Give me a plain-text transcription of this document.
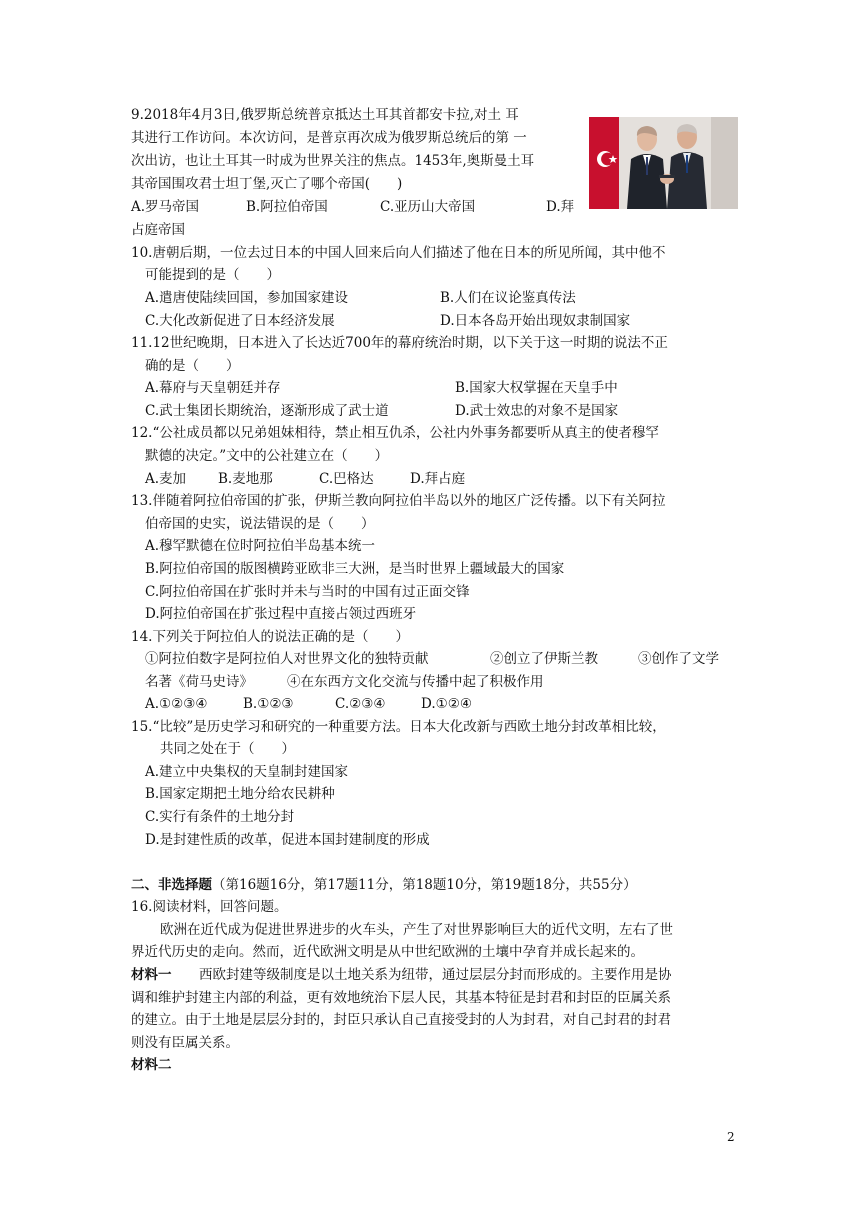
9.2018年4月3日,俄罗斯总统普京抵达土耳其首都安卡拉,对土 耳
其进行工作访问。本次访问，是普京再次成为俄罗斯总统后的第 一
次出访，也让土耳其一时成为世界关注的焦点。1453年,奥斯曼土耳
其帝国围攻君士坦丁堡,灭亡了哪个帝国(　　)
A.罗马帝国	B.阿拉伯帝国	C.亚历山大帝国	D.拜
占庭帝国
10.唐朝后期，一位去过日本的中国人回来后向人们描述了他在日本的所见所闻，其中他不
可能提到的是（　　）
A.遣唐使陆续回国，参加国家建设	B.人们在议论鉴真传法
C.大化改新促进了日本经济发展	D.日本各岛开始出现奴隶制国家
11.12世纪晚期，日本进入了长达近700年的幕府统治时期，以下关于这一时期的说法不正
确的是（　　）
A.幕府与天皇朝廷并存	B.国家大权掌握在天皇手中
C.武士集团长期统治，逐渐形成了武士道	D.武士效忠的对象不是国家
12.“公社成员都以兄弟姐妹相待，禁止相互仇杀，公社内外事务都要听从真主的使者穆罕
默德的决定。”文中的公社建立在（　　）
A.麦加 B.麦地那	C.巴格达	D.拜占庭
13.伴随着阿拉伯帝国的扩张，伊斯兰教向阿拉伯半岛以外的地区广泛传播。以下有关阿拉
伯帝国的史实，说法错误的是（　　）
A.穆罕默德在位时阿拉伯半岛基本统一
B.阿拉伯帝国的版图横跨亚欧非三大洲，是当时世界上疆域最大的国家
C.阿拉伯帝国在扩张时并未与当时的中国有过正面交锋
D.阿拉伯帝国在扩张过程中直接占领过西班牙
14.下列关于阿拉伯人的说法正确的是（　　）
①阿拉伯数字是阿拉伯人对世界文化的独特贡献	②创立了伊斯兰教	③创作了文学
名著《荷马史诗》	④在东西方文化交流与传播中起了积极作用
A.①②③④	B.①②③	C.②③④	D.①②④
15.“比较”是历史学习和研究的一种重要方法。日本大化改新与西欧土地分封改革相比较，
共同之处在于（　　）
A.建立中央集权的天皇制封建国家
B.国家定期把土地分给农民耕种
C.实行有条件的土地分封
D.是封建性质的改革，促进本国封建制度的形成
二、非选择题（第16题16分，第17题11分，第18题10分，第19题18分，共55分）
16.阅读材料，回答问题。
欧洲在近代成为促进世界进步的火车头，产生了对世界影响巨大的近代文明，左右了世
界近代历史的走向。然而，近代欧洲文明是从中世纪欧洲的土壤中孕育并成长起来的。
材料一 西欧封建等级制度是以土地关系为纽带，通过层层分封而形成的。主要作用是协
调和维护封建主内部的利益，更有效地统治下层人民，其基本特征是封君和封臣的臣属关系
的建立。由于土地是层层分封的，封臣只承认自己直接受封的人为封君，对自己封君的封君
则没有臣属关系。
材料二
2
